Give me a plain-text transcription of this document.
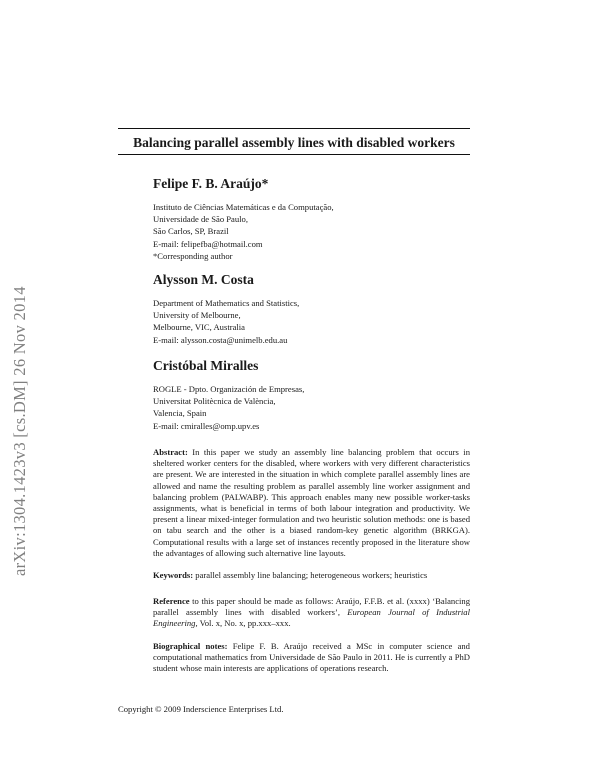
arXiv:1304.1423v3 [cs.DM] 26 Nov 2014
Balancing parallel assembly lines with disabled workers

Felipe F. B. Araújo*

Instituto de Ciências Matemáticas e da Computação,
Universidade de São Paulo,
São Carlos, SP, Brazil
E-mail: felipefba@hotmail.com
*Corresponding author

Alysson M. Costa

Department of Mathematics and Statistics,
University of Melbourne,
Melbourne, VIC, Australia
E-mail: alysson.costa@unimelb.edu.au

Cristóbal Miralles

ROGLE - Dpto. Organización de Empresas,
Universitat Politècnica de València,
Valencia, Spain
E-mail: cmiralles@omp.upv.es

Abstract: In this paper we study an assembly line balancing problem that occurs in sheltered worker centers for the disabled, where workers with very different characteristics are present. We are interested in the situation in which complete parallel assembly lines are allowed and name the resulting problem as parallel assembly line worker assignment and balancing problem (PALWABP). This approach enables many new possible worker-tasks assignments, what is beneficial in terms of both labour integration and productivity. We present a linear mixed-integer formulation and two heuristic solution methods: one is based on tabu search and the other is a biased random-key genetic algorithm (BRKGA). Computational results with a large set of instances recently proposed in the literature show the advantages of allowing such alternative line layouts.

Keywords: parallel assembly line balancing; heterogeneous workers; heuristics

Reference to this paper should be made as follows: Araújo, F.F.B. et al. (xxxx) ‘Balancing parallel assembly lines with disabled workers’, European Journal of Industrial Engineering, Vol. x, No. x, pp.xxx–xxx.

Biographical notes: Felipe F. B. Araújo received a MSc in computer science and computational mathematics from Universidade de São Paulo in 2011. He is currently a PhD student whose main interests are applications of operations research.

Copyright © 2009 Inderscience Enterprises Ltd.
